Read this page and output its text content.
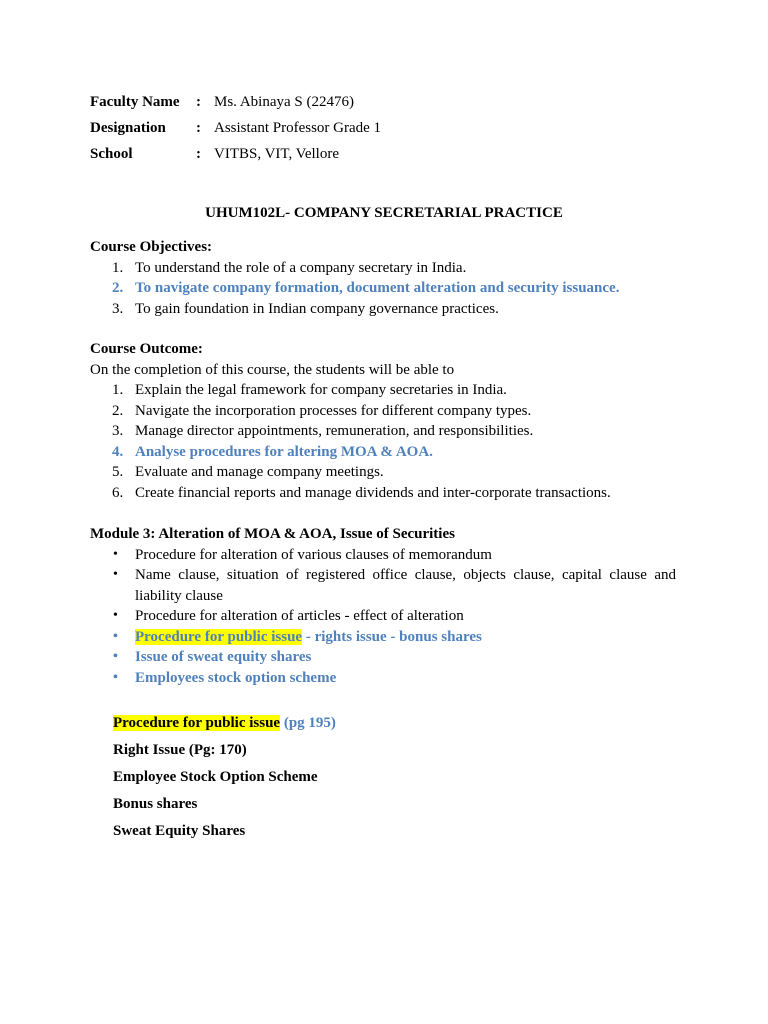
Faculty Name : Ms. Abinaya S (22476)
Designation : Assistant Professor Grade 1
School	: VITBS, VIT, Vellore
UHUM102L- COMPANY SECRETARIAL PRACTICE

Course Objectives:

1. To understand the role of a company secretary in India.
2. To navigate company formation, document alteration and security issuance.
3. To gain foundation in Indian company governance practices.

Course Outcome:

On the completion of this course, the students will be able to

1. Explain the legal framework for company secretaries in India.
2. Navigate the incorporation processes for different company types.
3. Manage director appointments, remuneration, and responsibilities.
4. Analyse procedures for altering MOA & AOA.
5. Evaluate and manage company meetings.
6. Create financial reports and manage dividends and inter-corporate transactions.

Module 3: Alteration of MOA & AOA, Issue of Securities

• Procedure for alteration of various clauses of memorandum
• Name clause, situation of registered office clause, objects clause, capital clause and liability clause
• Procedure for alteration of articles - effect of alteration
• Procedure for public issue - rights issue - bonus shares
• Issue of sweat equity shares
• Employees stock option scheme
Procedure for public issue (pg 195)
Right Issue (Pg: 170)
Employee Stock Option Scheme
Bonus shares
Sweat Equity Shares
